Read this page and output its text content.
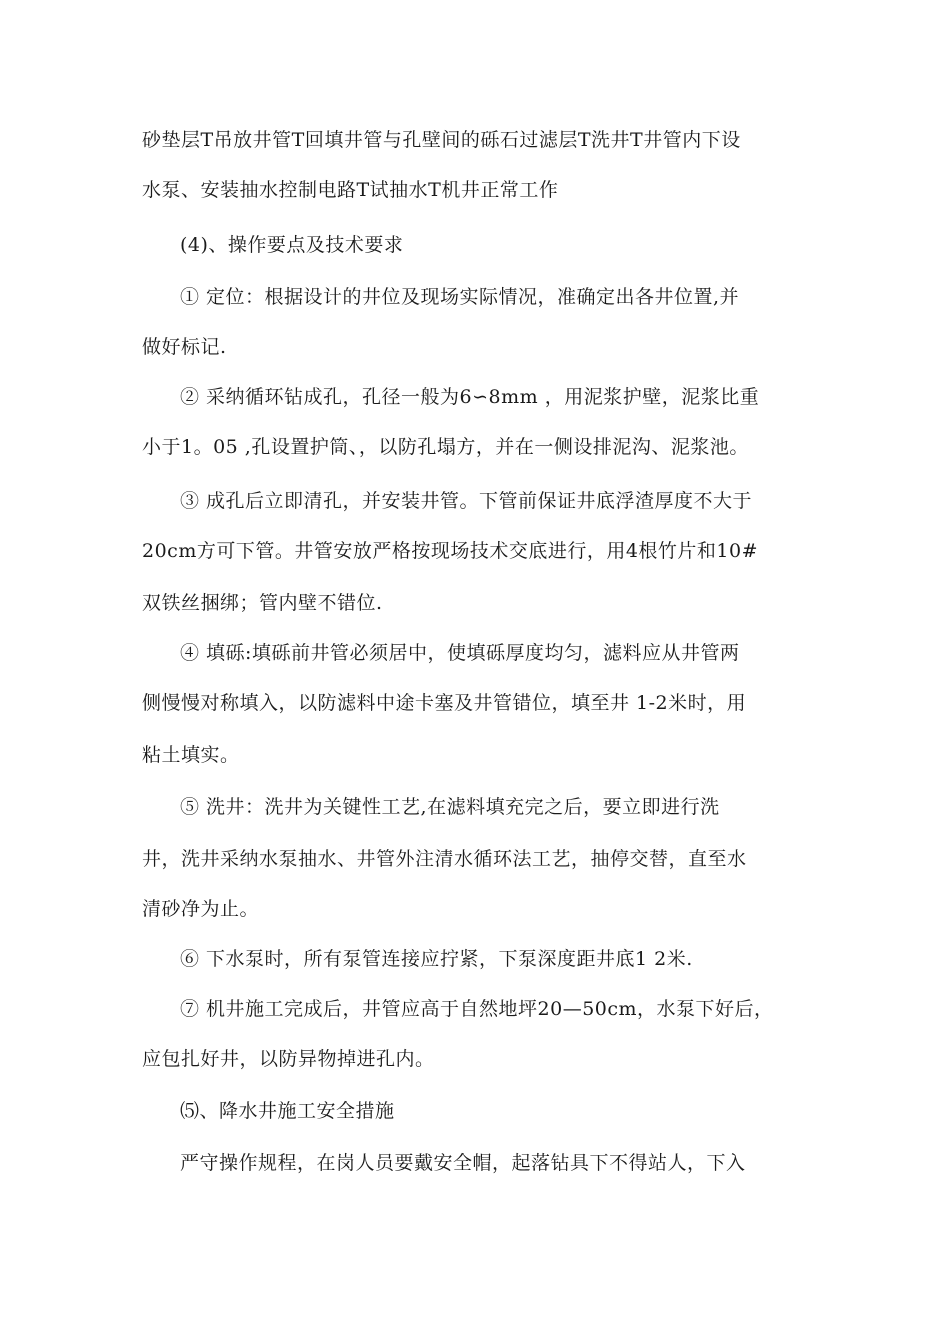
砂垫层T吊放井管T回填井管与孔壁间的砾石过滤层T洗井T井管内下设
水泵、安装抽水控制电路T试抽水T机井正常工作
(4)、操作要点及技术要求
① 定位：根据设计的井位及现场实际情况，准确定出各井位置,并
做好标记.
② 采纳循环钻成孔，孔径一般为6∽8mm ，用泥浆护壁，泥浆比重
小于1。05 ,孔设置护筒、，以防孔塌方，并在一侧设排泥沟、泥浆池。
③ 成孔后立即清孔，并安装井管。下管前保证井底浮渣厚度不大于
20cm方可下管。井管安放严格按现场技术交底进行，用4根竹片和10#
双铁丝捆绑；管内壁不错位.
④ 填砾:填砾前井管必须居中，使填砾厚度均匀，滤料应从井管两
侧慢慢对称填入，以防滤料中途卡塞及井管错位，填至井 1-2米时，用
粘土填实。
⑤ 洗井：洗井为关键性工艺,在滤料填充完之后，要立即进行洗
井，洗井采纳水泵抽水、井管外注清水循环法工艺，抽停交替，直至水
清砂净为止。
⑥ 下水泵时，所有泵管连接应拧紧，下泵深度距井底1 2米.
⑦ 机井施工完成后，井管应高于自然地坪20—50cm，水泵下好后，
应包扎好井，以防异物掉进孔内。
⑸、降水井施工安全措施
严守操作规程，在岗人员要戴安全帽，起落钻具下不得站人，下入
